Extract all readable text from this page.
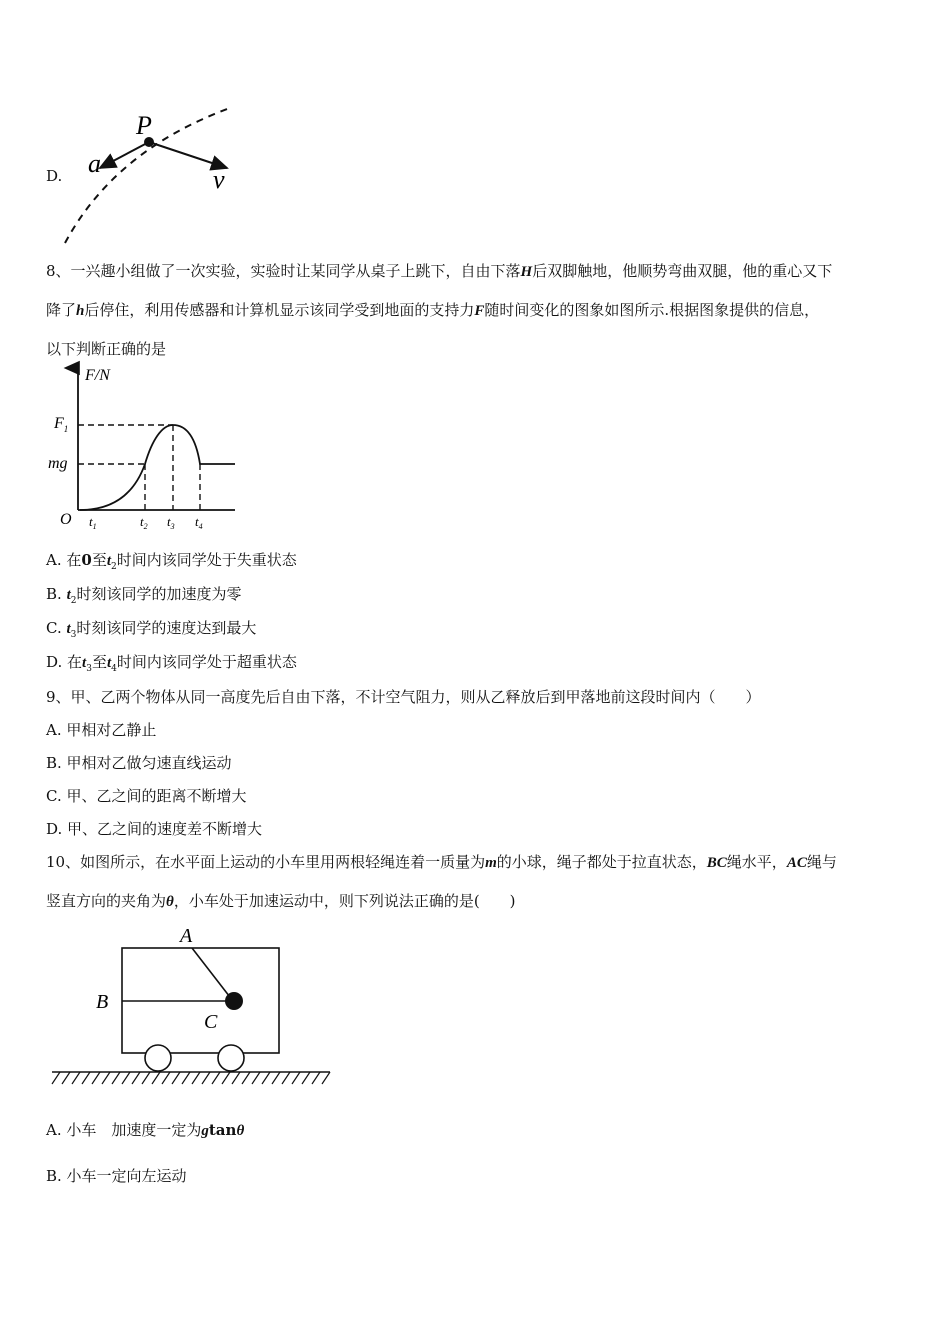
D.
P
a
v
8、一兴趣小组做了一次实验，实验时让某同学从桌子上跳下，自由下落H后双脚触地，他顺势弯曲双腿，他的重心又下
降了h后停住，利用传感器和计算机显示该同学受到地面的支持力F随时间变化的图象如图所示.根据图象提供的信息，
以下判断正确的是
F/N
O
$F_1$
mg
$t_1$	$t_2$ $t_3$ $t_4$
A. 在0至$t_2$时间内该同学处于失重状态
B. $t_2$时刻该同学的加速度为零
C. $t_3$时刻该同学的速度达到最大
D. 在$t_3$至$t_4$时间内该同学处于超重状态
9、甲、乙两个物体从同一高度先后自由下落，不计空气阻力，则从乙释放后到甲落地前这段时间内（　　）
A. 甲相对乙静止
B. 甲相对乙做匀速直线运动
C. 甲、乙之间的距离不断增大
D. 甲、乙之间的速度差不断增大
10、如图所示，在水平面上运动的小车里用两根轻绳连着一质量为m的小球，绳子都处于拉直状态，BC绳水平，AC绳与
竖直方向的夹角为θ，小车处于加速运动中，则下列说法正确的是(　　)
A
B
C
A. 小车　加速度一定为gtanθ
B. 小车一定向左运动
